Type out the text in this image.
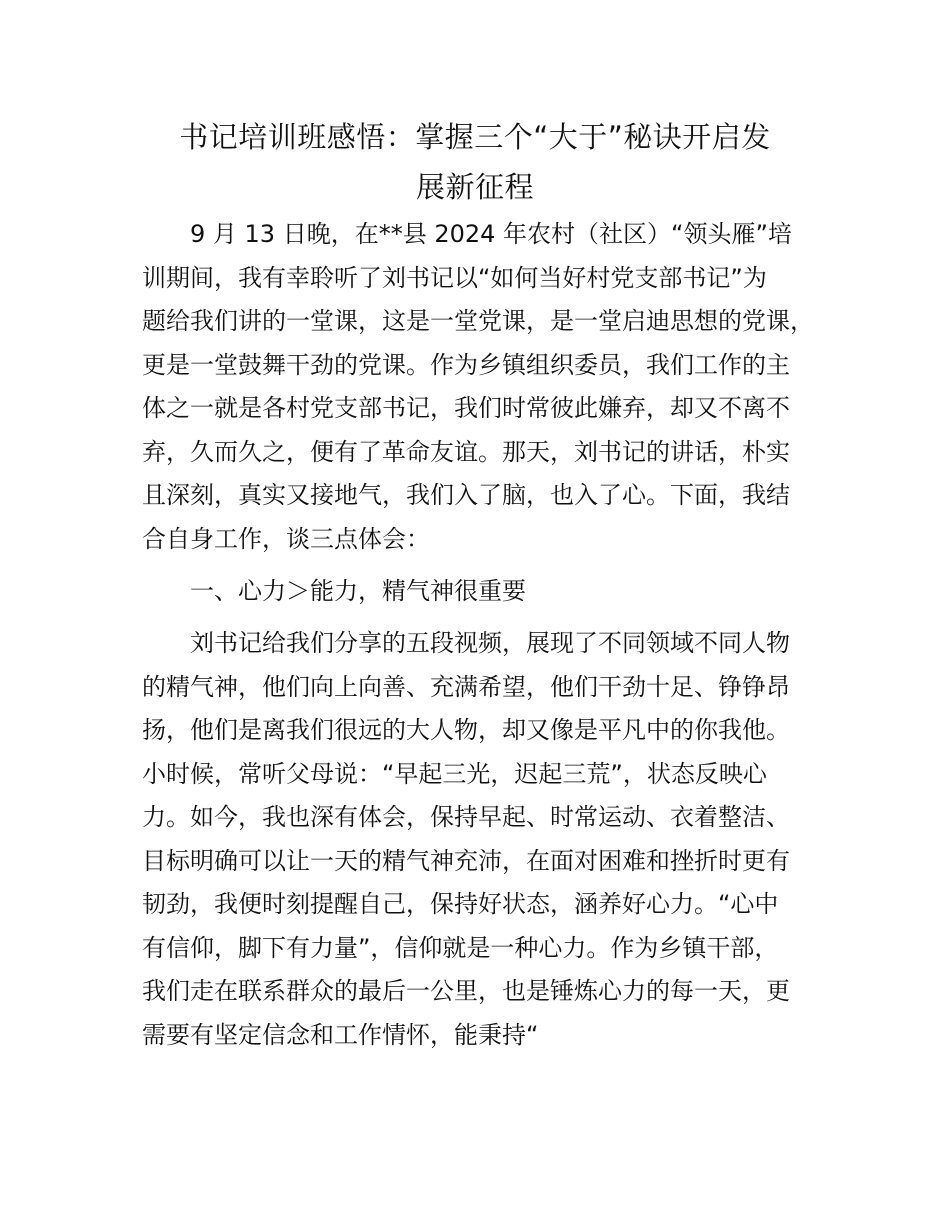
书记培训班感悟：掌握三个“大于”秘诀开启发
展新征程

9 月 13 日晚，在**县 2024 年农村（社区）“领头雁”培

训期间，我有幸聆听了刘书记以“如何当好村党支部书记”为

题给我们讲的一堂课，这是一堂党课，是一堂启迪思想的党课，

更是一堂鼓舞干劲的党课。作为乡镇组织委员，我们工作的主

体之一就是各村党支部书记，我们时常彼此嫌弃，却又不离不

弃，久而久之，便有了革命友谊。那天，刘书记的讲话，朴实

且深刻，真实又接地气，我们入了脑，也入了心。下面，我结

合自身工作，谈三点体会：

一、心力＞能力，精气神很重要

刘书记给我们分享的五段视频，展现了不同领域不同人物

的精气神，他们向上向善、充满希望，他们干劲十足、铮铮昂

扬，他们是离我们很远的大人物，却又像是平凡中的你我他。

小时候，常听父母说：“早起三光，迟起三荒”，状态反映心

力。如今，我也深有体会，保持早起、时常运动、衣着整洁、

目标明确可以让一天的精气神充沛，在面对困难和挫折时更有

韧劲，我便时刻提醒自己，保持好状态，涵养好心力。“心中

有信仰，脚下有力量”，信仰就是一种心力。作为乡镇干部，

我们走在联系群众的最后一公里，也是锤炼心力的每一天，更

需要有坚定信念和工作情怀，能秉持“
